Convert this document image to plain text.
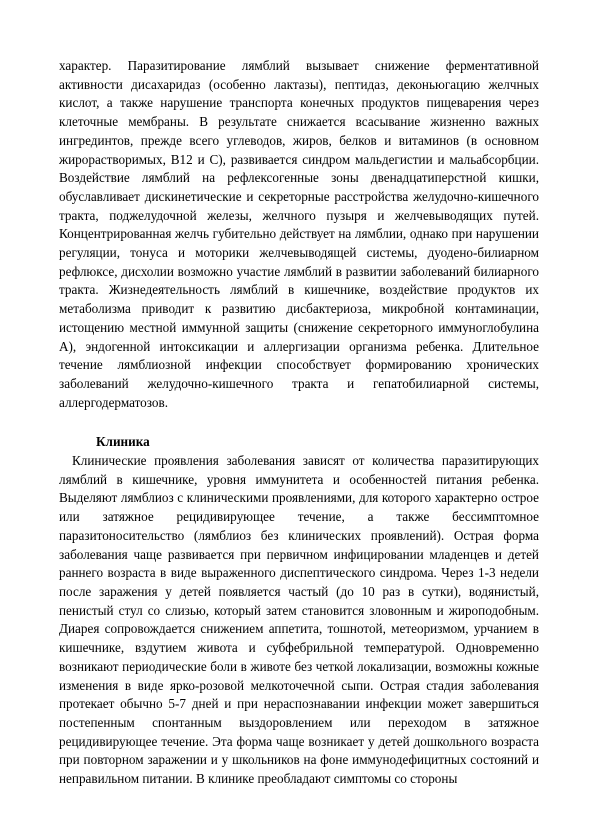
характер. Паразитирование лямблий вызывает снижение ферментативной активности дисахаридаз (особенно лактазы), пептидаз, деконьюгацию желчных кислот, а также нарушение транспорта конечных продуктов пищеварения через клеточные мембраны. В результате снижается всасывание жизненно важных ингрединтов, прежде всего углеводов, жиров, белков и витаминов (в основном жирорастворимых, В12 и С), развивается синдром мальдегистии и мальабсорбции. Воздействие лямблий на рефлексогенные зоны двенадцатиперстной кишки, обуславливает дискинетические и секреторные расстройства желудочно-кишечного тракта, поджелудочной железы, желчного пузыря и желчевыводящих путей. Концентрированная желчь губительно действует на лямблии, однако при нарушении регуляции, тонуса и моторики желчевыводящей системы, дуодено-билиарном рефлюксе, дисхолии возможно участие лямблий в развитии заболеваний билиарного тракта. Жизнедеятельность лямблий в кишечнике, воздействие продуктов их метаболизма приводит к развитию дисбактериоза, микробной контаминации, истощению местной иммунной защиты (снижение секреторного иммуноглобулина А), эндогенной интоксикации и аллергизации организма ребенка. Длительное течение лямблиозной инфекции способствует формированию хронических заболеваний желудочно-кишечного тракта и гепатобилиарной системы, аллергодерматозов.

Клиника

Клинические проявления заболевания зависят от количества паразитирующих лямблий в кишечнике, уровня иммунитета и особенностей питания ребенка. Выделяют лямблиоз с клиническими проявлениями, для которого характерно острое или затяжное рецидивирующее течение, а также бессимптомное паразитоносительство (лямблиоз без клинических проявлений). Острая форма заболевания чаще развивается при первичном инфицировании младенцев и детей раннего возраста в виде выраженного диспептического синдрома. Через 1-3 недели после заражения у детей появляется частый (до 10 раз в сутки), водянистый, пенистый стул со слизью, который затем становится зловонным и жироподобным. Диарея сопровождается снижением аппетита, тошнотой, метеоризмом, урчанием в кишечнике, вздутием живота и субфебрильной температурой. Одновременно возникают периодические боли в животе без четкой локализации, возможны кожные изменения в виде ярко-розовой мелкоточечной сыпи. Острая стадия заболевания протекает обычно 5-7 дней и при нераспознавании инфекции может завершиться постепенным спонтанным выздоровлением или переходом в затяжное рецидивирующее течение. Эта форма чаще возникает у детей дошкольного возраста при повторном заражении и у школьников на фоне иммунодефицитных состояний и неправильном питании. В клинике преобладают симптомы со стороны
